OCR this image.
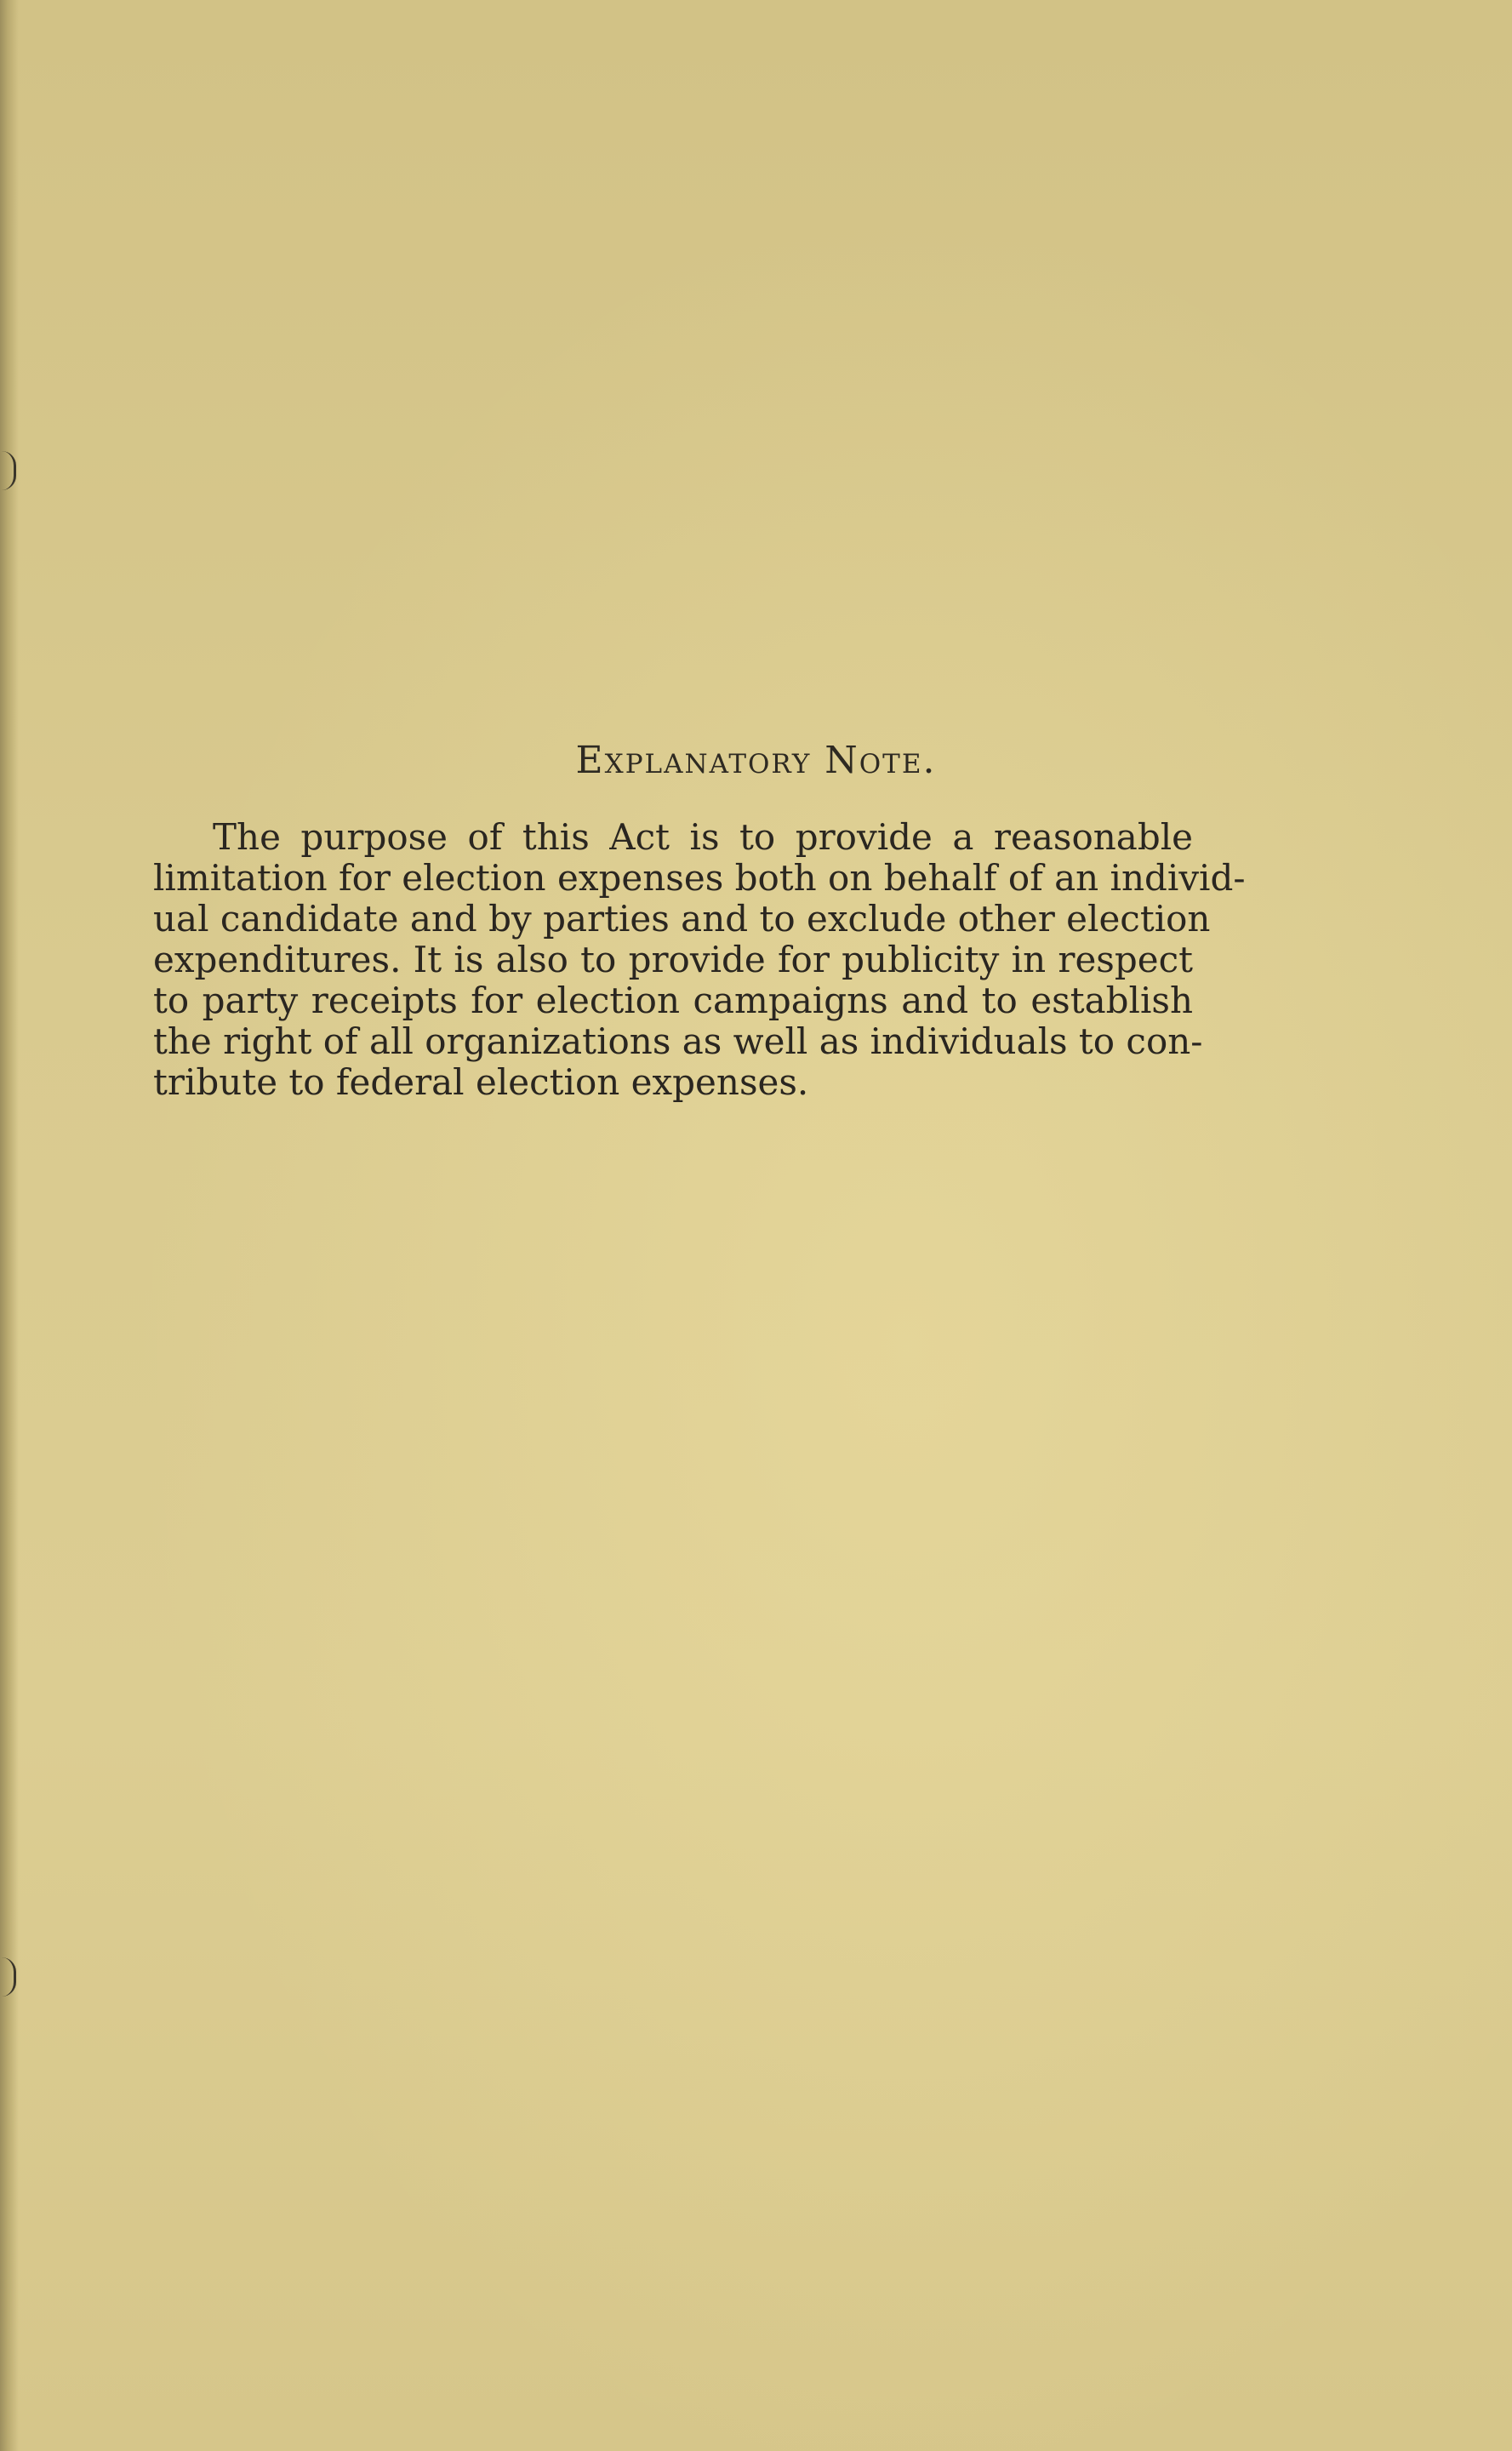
Explanatory Note.
The purpose of this Act is to provide a reasonable
limitation for election expenses both on behalf of an individ-
ual candidate and by parties and to exclude other election
expenditures. It is also to provide for publicity in respect
to party receipts for election campaigns and to establish
the right of all organizations as well as individuals to con-
tribute to federal election expenses.
